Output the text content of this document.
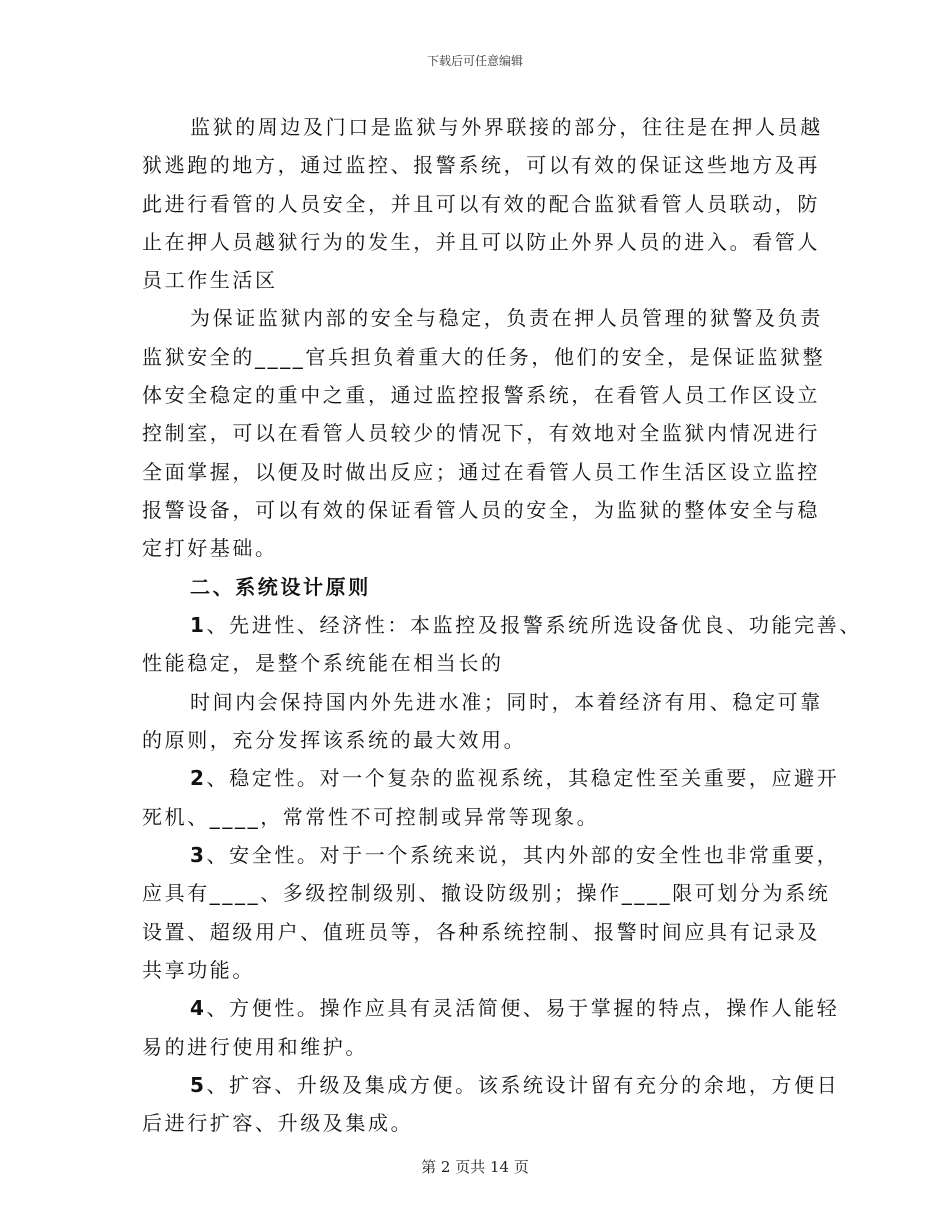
下载后可任意编辑
监狱的周边及门口是监狱与外界联接的部分，往往是在押人员越
狱逃跑的地方，通过监控、报警系统，可以有效的保证这些地方及再
此进行看管的人员安全，并且可以有效的配合监狱看管人员联动，防
止在押人员越狱行为的发生，并且可以防止外界人员的进入。看管人
员工作生活区
为保证监狱内部的安全与稳定，负责在押人员管理的狱警及负责
监狱安全的____官兵担负着重大的任务，他们的安全，是保证监狱整
体安全稳定的重中之重，通过监控报警系统，在看管人员工作区设立
控制室，可以在看管人员较少的情况下，有效地对全监狱内情况进行
全面掌握，以便及时做出反应；通过在看管人员工作生活区设立监控
报警设备，可以有效的保证看管人员的安全，为监狱的整体安全与稳
定打好基础。
二、系统设计原则
1、先进性、经济性：本监控及报警系统所选设备优良、功能完善、
性能稳定，是整个系统能在相当长的
时间内会保持国内外先进水准；同时，本着经济有用、稳定可靠
的原则，充分发挥该系统的最大效用。
2、稳定性。对一个复杂的监视系统，其稳定性至关重要，应避开
死机、____，常常性不可控制或异常等现象。
3、安全性。对于一个系统来说，其内外部的安全性也非常重要，
应具有____、多级控制级别、撤设防级别；操作____限可划分为系统
设置、超级用户、值班员等，各种系统控制、报警时间应具有记录及
共享功能。
4、方便性。操作应具有灵活简便、易于掌握的特点，操作人能轻
易的进行使用和维护。
5、扩容、升级及集成方便。该系统设计留有充分的余地，方便日
后进行扩容、升级及集成。
第 2 页共 14 页
